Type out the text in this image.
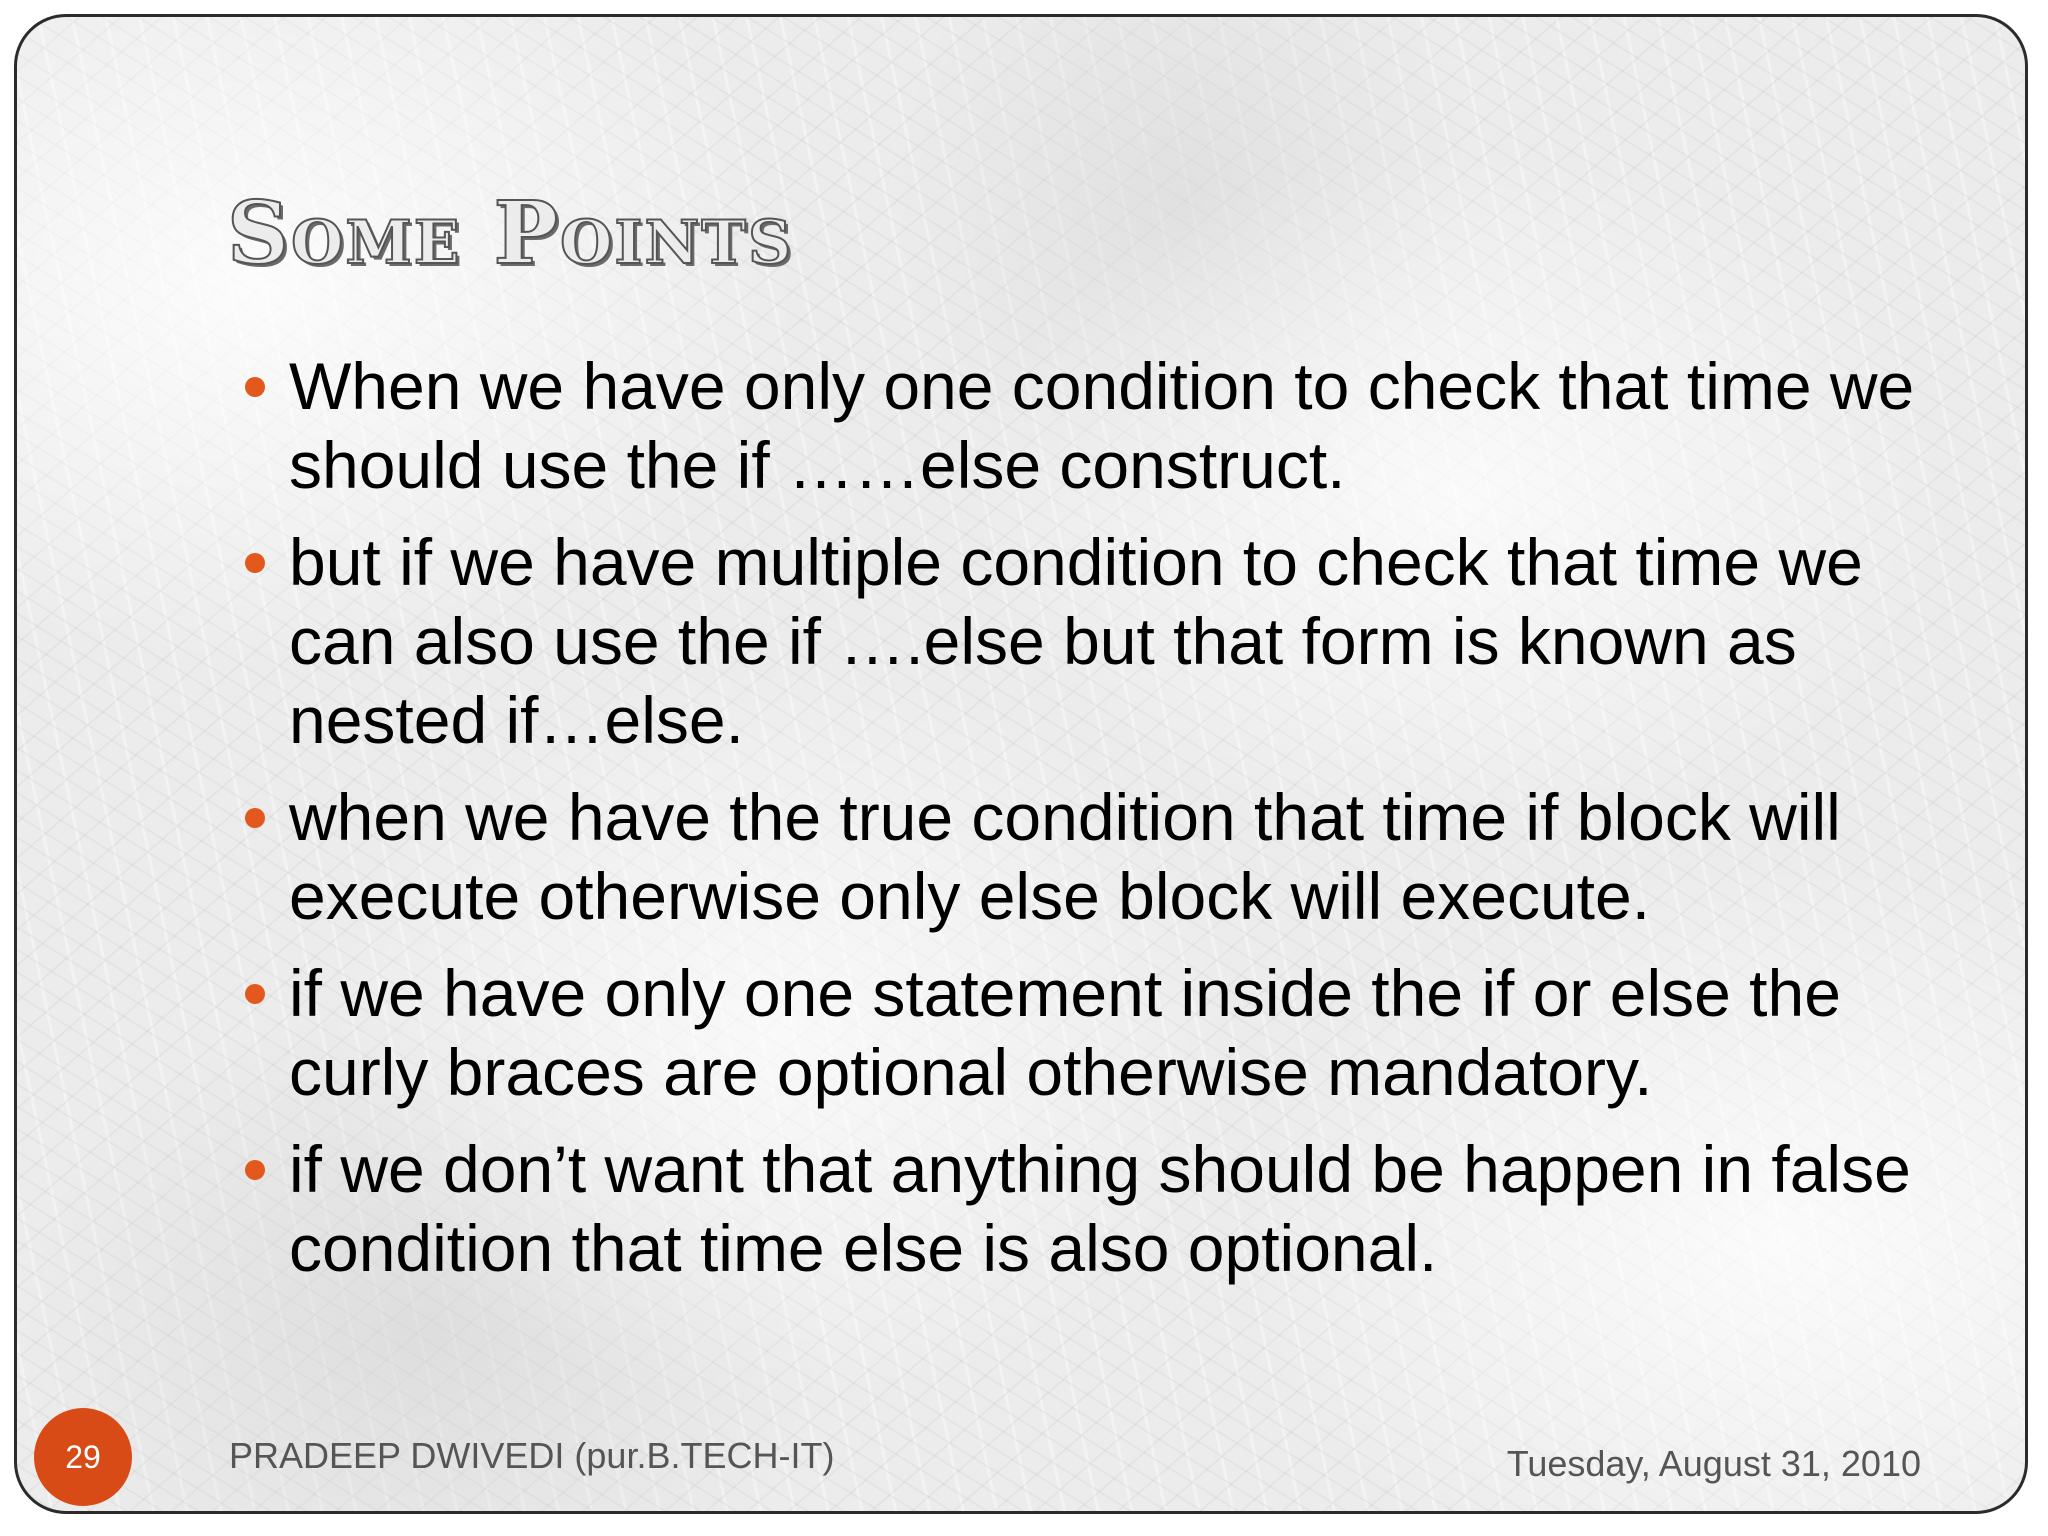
Some Points
When we have only one condition to check that time we should use the if ……else construct.
but if we have multiple condition to check that time we can also use the if ….else but that form is known as nested if…else.
when we have the true condition that time if block will execute otherwise only else block will execute.
if we have only one statement inside the if or else the curly braces are optional otherwise mandatory.
if we don’t want that anything should be happen in false condition that time else is also optional.
PRADEEP DWIVEDI (pur.B.TECH-IT)	Tuesday, August 31, 2010
29
